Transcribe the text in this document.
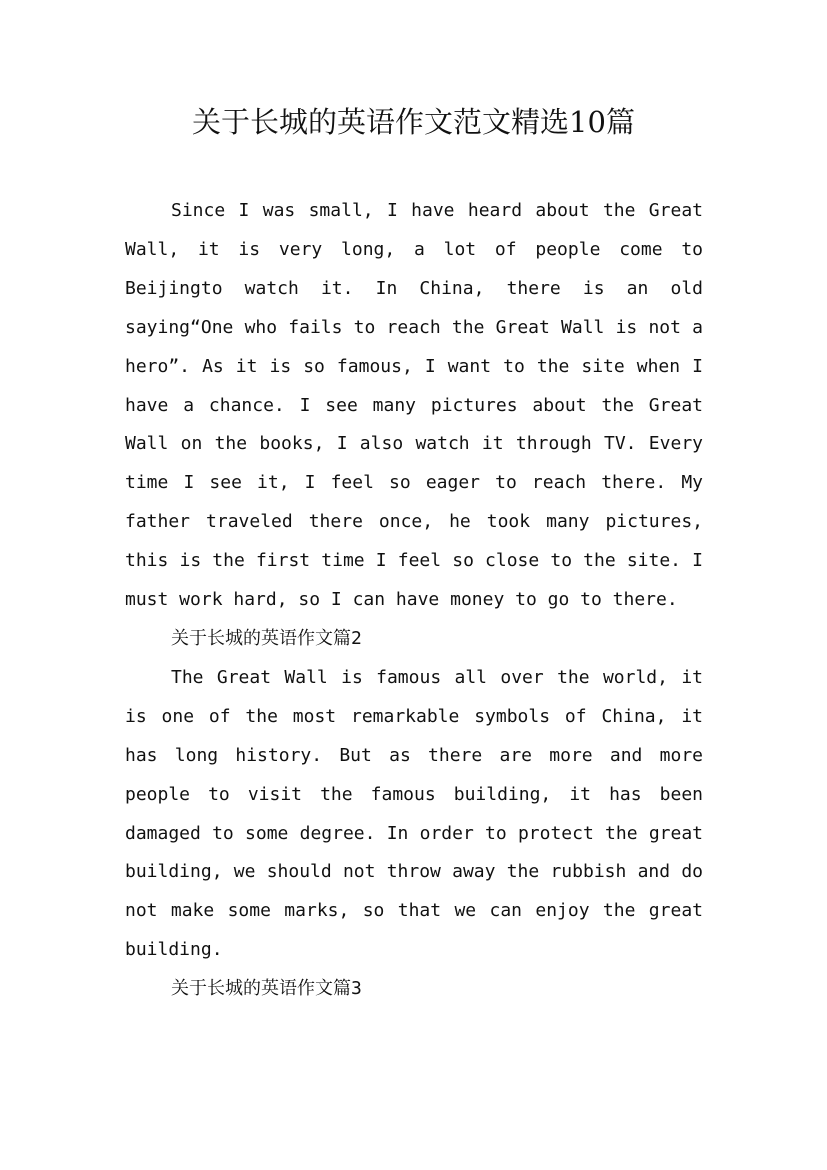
关于长城的英语作文范文精选10篇

Since I was small, I have heard about the Great Wall, it is very long, a lot of people come to Beijingto watch it. In China, there is an old saying“One who fails to reach the Great Wall is not a hero”. As it is so famous, I want to the site when I have a chance. I see many pictures about the Great Wall on the books, I also watch it through TV. Every time I see it, I feel so eager to reach there. My father traveled there once, he took many pictures, this is the first time I feel so close to the site. I must work hard, so I can have money to go to there.

关于长城的英语作文篇2

The Great Wall is famous all over the world, it is one of the most remarkable symbols of China, it has long history. But as there are more and more people to visit the famous building, it has been damaged to some degree. In order to protect the great building, we should not throw away the rubbish and do not make some marks, so that we can enjoy the great building.

关于长城的英语作文篇3
